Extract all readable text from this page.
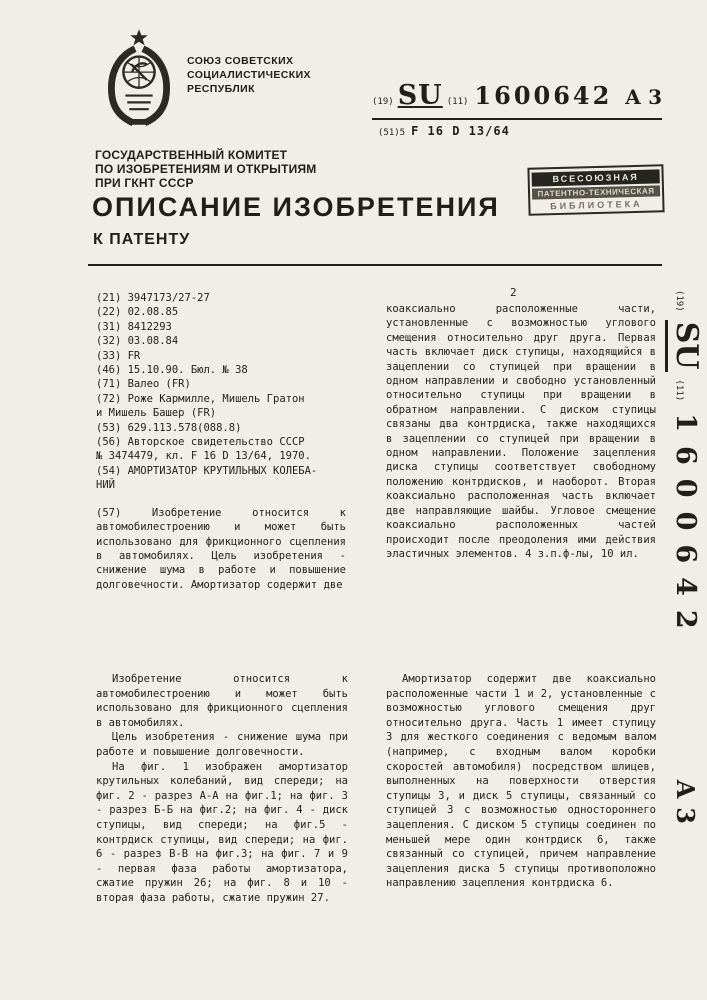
СОЮЗ СОВЕТСКИХ
СОЦИАЛИСТИЧЕСКИХ
РЕСПУБЛИК
(19) SU (11) 1600642 А 3
(51)5 F 16 D 13/64
ГОСУДАРСТВЕННЫЙ КОМИТЕТ
ПО ИЗОБРЕТЕНИЯМ И ОТКРЫТИЯМ
ПРИ ГКНТ СССР	ВСЕСОЮЗНАЯ
ПАТЕНТНО-ТЕХНИЧЕСКАЯ
БИБЛИОТЕКА
ОПИСАНИЕ ИЗОБРЕТЕНИЯ
К ПАТЕНТУ
(21) 3947173/27-27
(22) 02.08.85
(31) 8412293
(32) 03.08.84
(33) FR
(46) 15.10.90. Бюл. № 38
(71) Валео (FR)
(72) Роже Кармилле, Мишель Гратон
и Мишель Башер (FR)
(53) 629.113.578(088.8)
(56) Авторское свидетельство СССР
№ 3474479, кл. F 16 D 13/64, 1970.
(54) АМОРТИЗАТОР КРУТИЛЬНЫХ КОЛЕБА-
НИЙ

(57) Изобретение относится к автомобилестроению и может быть использовано для фрикционного сцепления в автомобилях. Цель изобретения - снижение шума в работе и повышение долговечности. Амортизатор содержит две

2

коаксиально расположенные части, установленные с возможностью углового смещения относительно друг друга. Первая часть включает диск ступицы, находящийся в зацеплении со ступицей при вращении в одном направлении и свободно установленный относительно ступицы при вращении в обратном направлении. С диском ступицы связаны два контрдиска, также находящихся в зацеплении со ступицей при вращении в одном направлении. Положение зацепления диска ступицы соответствует свободному положению контрдисков, и наоборот. Вторая коаксиально расположенная часть включает две направляющие шайбы. Угловое смещение коаксиально расположенных частей происходит после преодоления ими действия эластичных элементов. 4 з.п.ф-лы, 10 ил.

Изобретение относится к автомобилестроению и может быть использовано для фрикционного сцепления в автомобилях.

Цель изобретения - снижение шума при работе и повышение долговечности.

На фиг. 1 изображен амортизатор крутильных колебаний, вид спереди; на фиг. 2 - разрез А-А на фиг.1; на фиг. 3 - разрез Б-Б на фиг.2; на фиг. 4 - диск ступицы, вид спереди; на фиг.5 - контрдиск ступицы, вид спереди; на фиг. 6 - разрез В-В на фиг.3; на фиг. 7 и 9 - первая фаза работы амортизатора, сжатие пружин 26; на фиг. 8 и 10 - вторая фаза работы, сжатие пружин 27.

Амортизатор содержит две коаксиально расположенные части 1 и 2, установленные с возможностью углового смещения друг относительно друга. Часть 1 имеет ступицу 3 для жесткого соединения с ведомым валом (например, с входным валом коробки скоростей автомобиля) посредством шлицев, выполненных на поверхности отверстия ступицы 3, и диск 5 ступицы, связанный со ступицей 3 с возможностью одностороннего зацепления. С диском 5 ступицы соединен по меньшей мере один контрдиск 6, также связанный со ступицей, причем направление зацепления диска 5 ступицы противоположно направлению зацепления контрдиска 6.

(19)
SU
(11)
1600642
А 3
